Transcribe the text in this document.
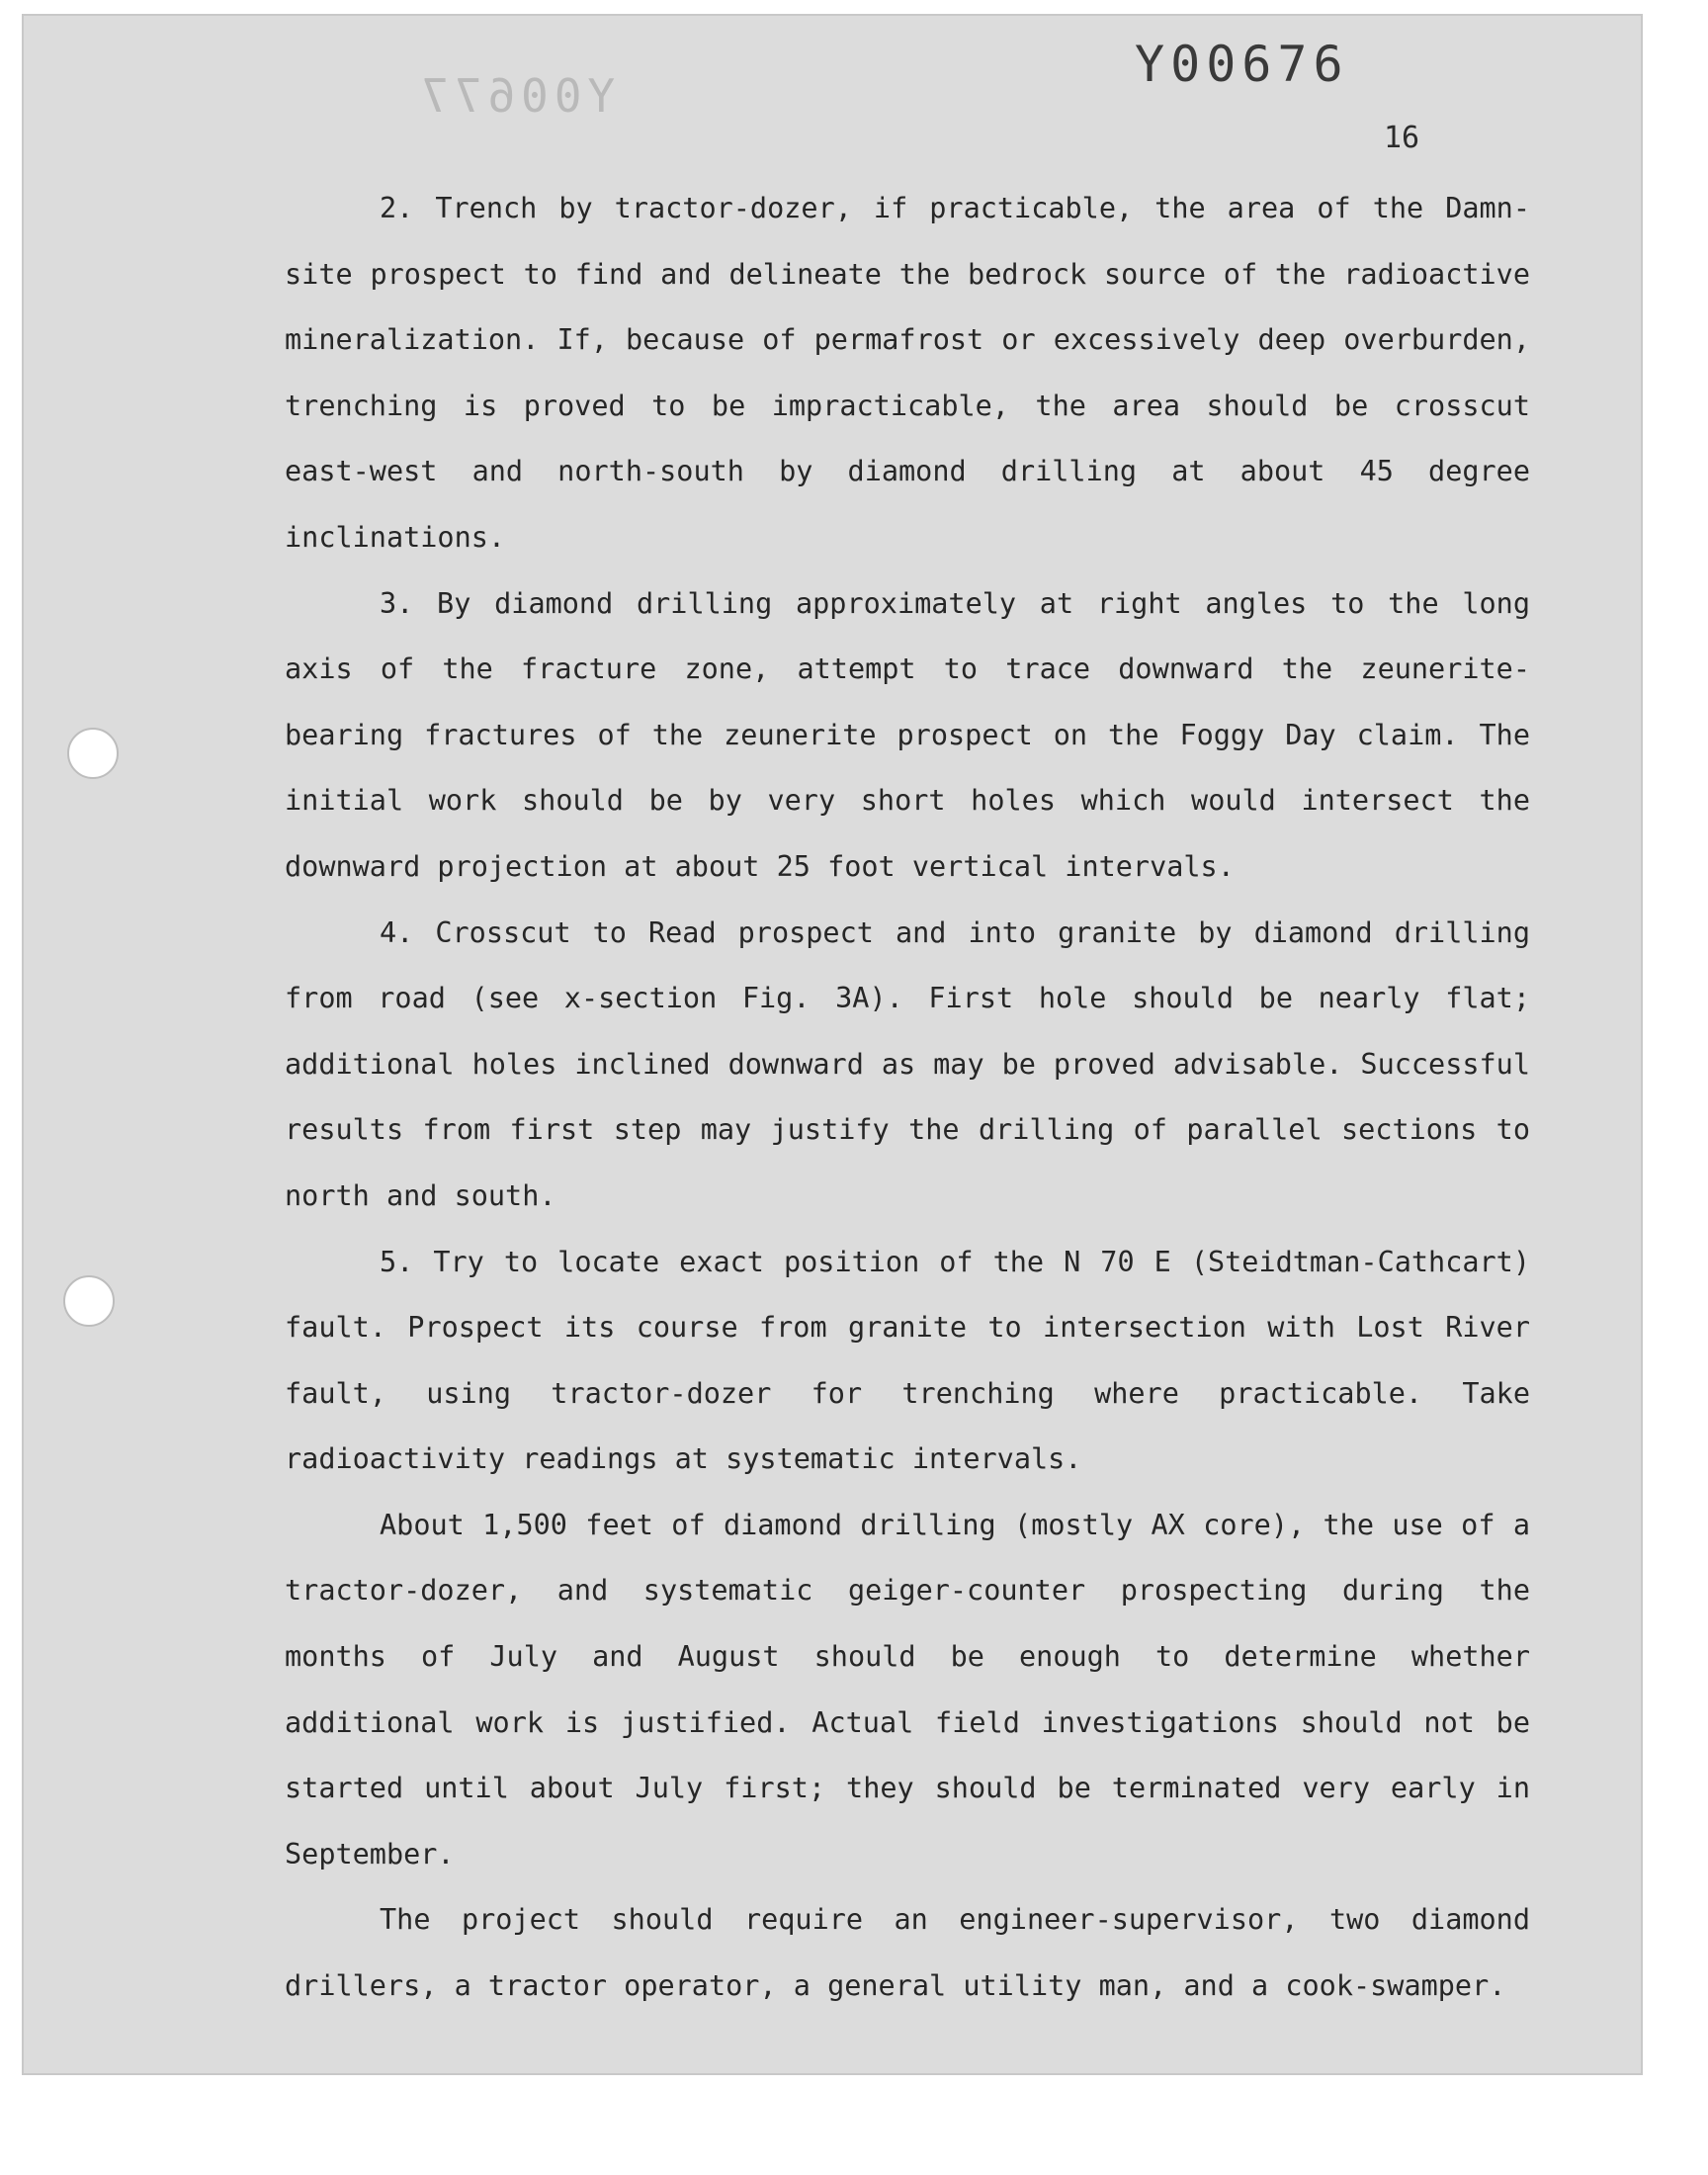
Y00677
Y00676
16

2. Trench by tractor-dozer, if practicable, the area of the Damn-site prospect to find and delineate the bedrock source of the radioactive mineralization. If, because of permafrost or excessively deep overburden, trenching is proved to be impracticable, the area should be crosscut east-west and north-south by diamond drilling at about 45 degree inclinations.

3. By diamond drilling approximately at right angles to the long axis of the fracture zone, attempt to trace downward the zeunerite-bearing fractures of the zeunerite prospect on the Foggy Day claim. The initial work should be by very short holes which would intersect the downward projection at about 25 foot vertical intervals.

4. Crosscut to Read prospect and into granite by diamond drilling from road (see x-section Fig. 3A). First hole should be nearly flat; additional holes inclined downward as may be proved advisable. Successful results from first step may justify the drilling of parallel sections to north and south.

5. Try to locate exact position of the N 70 E (Steidtman-Cathcart) fault. Prospect its course from granite to intersection with Lost River fault, using tractor-dozer for trenching where practicable. Take radioactivity readings at systematic intervals.

About 1,500 feet of diamond drilling (mostly AX core), the use of a tractor-dozer, and systematic geiger-counter prospecting during the months of July and August should be enough to determine whether additional work is justified. Actual field investigations should not be started until about July first; they should be terminated very early in September.

The project should require an engineer-supervisor, two diamond drillers, a tractor operator, a general utility man, and a cook-swamper.
